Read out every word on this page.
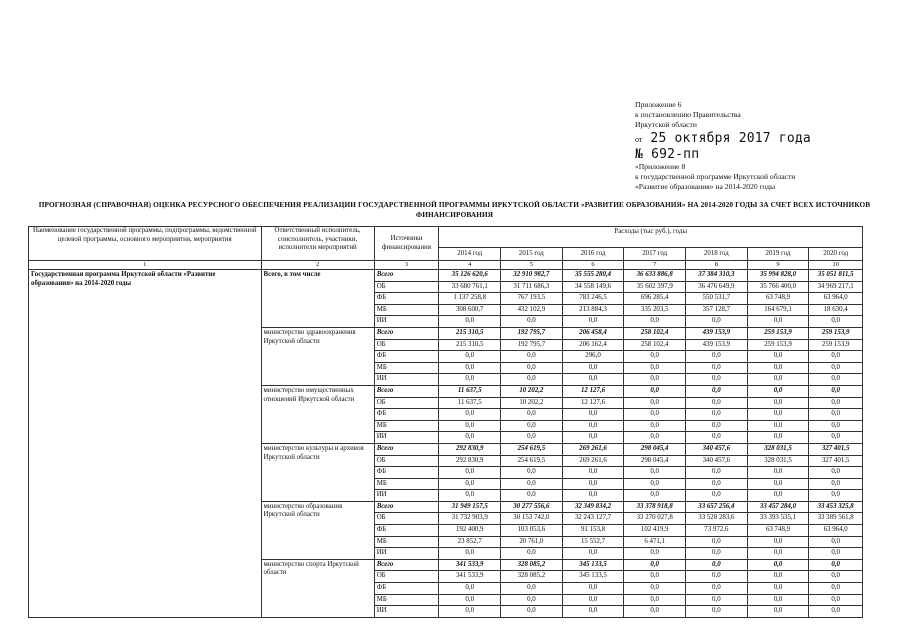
Приложение 6
к постановлению Правительства
Иркутской области
от 25 октября 2017 года
№ 692-пп
«Приложение 8
к государственной программе Иркутской области
«Развитие образования» на 2014-2020 годы
ПРОГНОЗНАЯ (СПРАВОЧНАЯ) ОЦЕНКА РЕСУРСНОГО ОБЕСПЕЧЕНИЯ РЕАЛИЗАЦИИ ГОСУДАРСТВЕННОЙ ПРОГРАММЫ ИРКУТСКОЙ ОБЛАСТИ «РАЗВИТИЕ ОБРАЗОВАНИЯ» НА 2014-2020 ГОДЫ ЗА СЧЕТ ВСЕХ ИСТОЧНИКОВ ФИНАНСИРОВАНИЯ
Наименование государственной программы, подпрограммы, ведомственной целевой программы, основного мероприятия, мероприятия	Ответственный исполнитель, соисполнитель, участники, исполнители мероприятий	Источники финансирования	Расходы (тыс руб.), годы						
			2014 год	2015 год	2016 год	2017 год	2018 год	2019 год	2020 год
1	2	3	4	5	6	7	8	9	10
Государственная программа Иркутской области «Развитие образования» на 2014-2020 годы	Всего, в том числе	Всего	35 126 620,6	32 910 982,7	35 555 280,4	36 633 886,8	37 384 310,3	35 994 828,0	35 051 811,5
		ОБ	33 680 761,1	31 711 686,3	34 558 149,6	35 602 397,9	36 476 649,9	35 766 400,0	34 969 217,1
		ФБ	1 137 258,8	767 193,5	783 246,5	696 285,4	550 531,7	63 748,9	63 964,0
		МБ	308 600,7	432 102,9	213 884,3	335 203,5	357 128,7	164 679,1	18 630,4
		ИИ	0,0	0,0	0,0	0,0	0,0	0,0	0,0
	министерство здравоохранения Иркутской области	Всего	215 310,5	192 795,7	206 458,4	258 102,4	439 153,9	259 153,9	259 153,9
		ОБ	215 310,5	192 795,7	206 162,4	258 102,4	439 153,9	259 153,9	259 153,9
		ФБ	0,0	0,0	296,0	0,0	0,0	0,0	0,0
		МБ	0,0	0,0	0,0	0,0	0,0	0,0	0,0
		ИИ	0,0	0,0	0,0	0,0	0,0	0,0	0,0
	министерство имущественных отношений Иркутской области	Всего	11 637,5	10 202,2	12 127,6	0,0	0,0	0,0	0,0
		ОБ	11 637,5	10 202,2	12 127,6	0,0	0,0	0,0	0,0
		ФБ	0,0	0,0	0,0	0,0	0,0	0,0	0,0
		МБ	0,0	0,0	0,0	0,0	0,0	0,0	0,0
		ИИ	0,0	0,0	0,0	0,0	0,0	0,0	0,0
	министерство культуры и архивов Иркутской области	Всего	292 830,9	254 619,5	269 261,6	298 045,4	340 457,6	328 031,5	327 401,5
		ОБ	292 830,9	254 619,5	269 261,6	298 045,4	340 457,6	328 031,5	327 401,5
		ФБ	0,0	0,0	0,0	0,0	0,0	0,0	0,0
		МБ	0,0	0,0	0,0	0,0	0,0	0,0	0,0
		ИИ	0,0	0,0	0,0	0,0	0,0	0,0	0,0
	министерство образования Иркутской области	Всего	31 949 157,5	30 277 556,6	32 349 834,2	33 378 918,8	33 657 256,4	33 457 284,0	33 453 325,8
		ОБ	31 732 903,9	30 153 742,0	32 243 127,7	33 270 027,8	33 528 283,6	33 393 535,1	33 389 561,8
		ФБ	192 400,9	103 053,6	91 153,8	102 419,9	73 972,6	63 748,9	63 964,0
		МБ	23 852,7	20 761,0	15 552,7	6 471,1	0,0	0,0	0,0
		ИИ	0,0	0,0	0,0	0,0	0,0	0,0	0,0
	министерство спорта Иркутской области	Всего	341 533,9	328 085,2	345 133,5	0,0	0,0	0,0	0,0
		ОБ	341 533,9	328 085,2	345 133,5	0,0	0,0	0,0	0,0
		ФБ	0,0	0,0	0,0	0,0	0,0	0,0	0,0
		МБ	0,0	0,0	0,0	0,0	0,0	0,0	0,0
		ИИ	0,0	0,0	0,0	0,0	0,0	0,0	0,0
